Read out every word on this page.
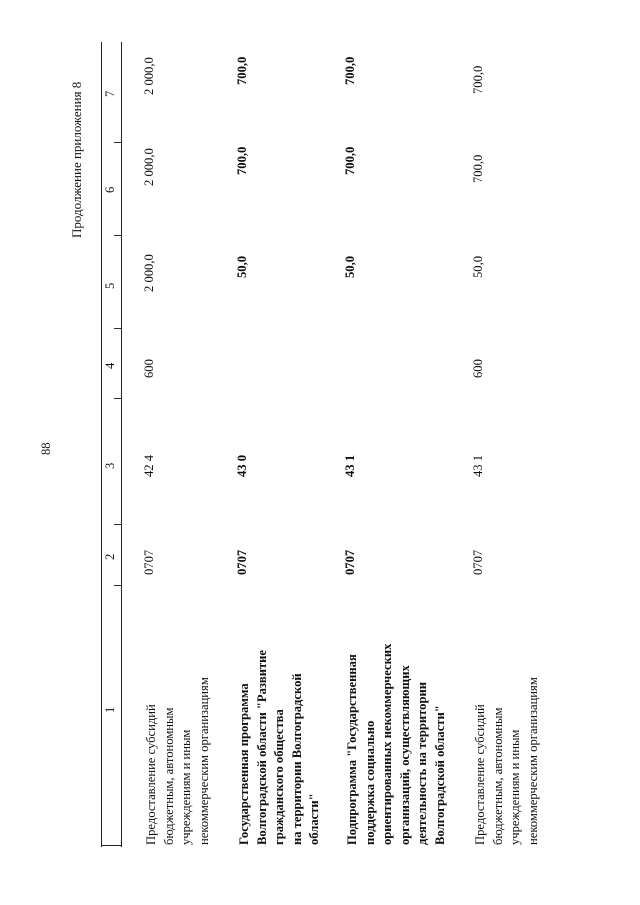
88
Продолжение приложения 8 7
6
5
4
3
2
1 Предоставление субсидий бюджетным, автономным учреждениям и иным некоммерческим организациям
0707
42 4
600
2 000,0
2 000,0
2 000,0
Государственная программа Волгоградской области "Развитие гражданского общества на территории Волгоградской области"
0707
43 0
50,0
700,0
700,0
Подпрограмма "Государственная поддержка социально ориентированных некоммерческих организаций, осуществляющих деятельность на территории Волгоградской области"
0707
43 1
50,0
700,0
700,0
Предоставление субсидий бюджетным, автономным учреждениям и иным некоммерческим организациям
0707
43 1
600
50,0
700,0
700,0
